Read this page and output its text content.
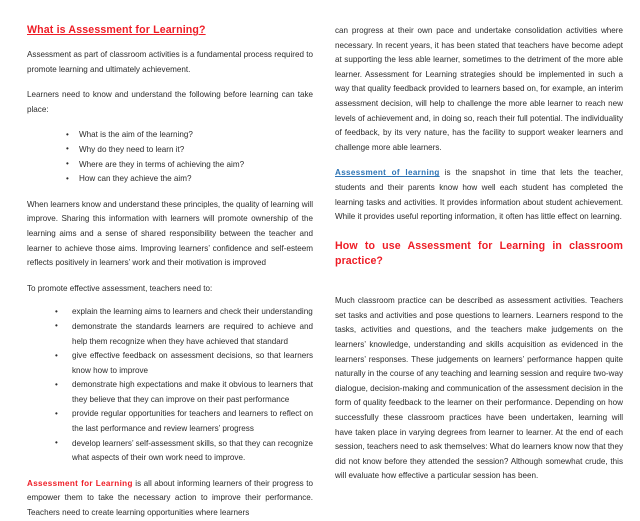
What is Assessment for Learning?

Assessment as part of classroom activities is a fundamental process required to promote learning and ultimately achievement.

Learners need to know and understand the following before learning can take place:

• What is the aim of the learning?
• Why do they need to learn it?
• Where are they in terms of achieving the aim?
• How can they achieve the aim?

When learners know and understand these principles, the quality of learning will improve. Sharing this information with learners will promote ownership of the learning aims and a sense of shared responsibility between the teacher and learner to achieve those aims. Improving learners’ confidence and self-esteem reflects positively in learners’ work and their motivation is improved

To promote effective assessment, teachers need to:

• explain the learning aims to learners and check their understanding
• demonstrate the standards learners are required to achieve and help them recognize when they have achieved that standard
• give effective feedback on assessment decisions, so that learners know how to improve
• demonstrate high expectations and make it obvious to learners that they believe that they can improve on their past performance
• provide regular opportunities for teachers and learners to reflect on the last performance and review learners’ progress
• develop learners’ self-assessment skills, so that they can recognize what aspects of their own work need to improve.

Assessment for Learning is all about informing learners of their progress to empower them to take the necessary action to improve their performance. Teachers need to create learning opportunities where learners

can progress at their own pace and undertake consolidation activities where necessary. In recent years, it has been stated that teachers have become adept at supporting the less able learner, sometimes to the detriment of the more able learner. Assessment for Learning strategies should be implemented in such a way that quality feedback provided to learners based on, for example, an interim assessment decision, will help to challenge the more able learner to reach new levels of achievement and, in doing so, reach their full potential. The individuality of feedback, by its very nature, has the facility to support weaker learners and challenge more able learners.

Assessment of learning is the snapshot in time that lets the teacher, students and their parents know how well each student has completed the learning tasks and activities. It provides information about student achievement. While it provides useful reporting information, it often has little effect on learning.

How to use Assessment for Learning in classroom practice?

Much classroom practice can be described as assessment activities. Teachers set tasks and activities and pose questions to learners. Learners respond to the tasks, activities and questions, and the teachers make judgements on the learners’ knowledge, understanding and skills acquisition as evidenced in the learners’ responses. These judgements on learners’ performance happen quite naturally in the course of any teaching and learning session and require two-way dialogue, decision-making and communication of the assessment decision in the form of quality feedback to the learner on their performance. Depending on how successfully these classroom practices have been undertaken, learning will have taken place in varying degrees from learner to learner. At the end of each session, teachers need to ask themselves: What do learners know now that they did not know before they attended the session? Although somewhat crude, this will evaluate how effective a particular session has been.
